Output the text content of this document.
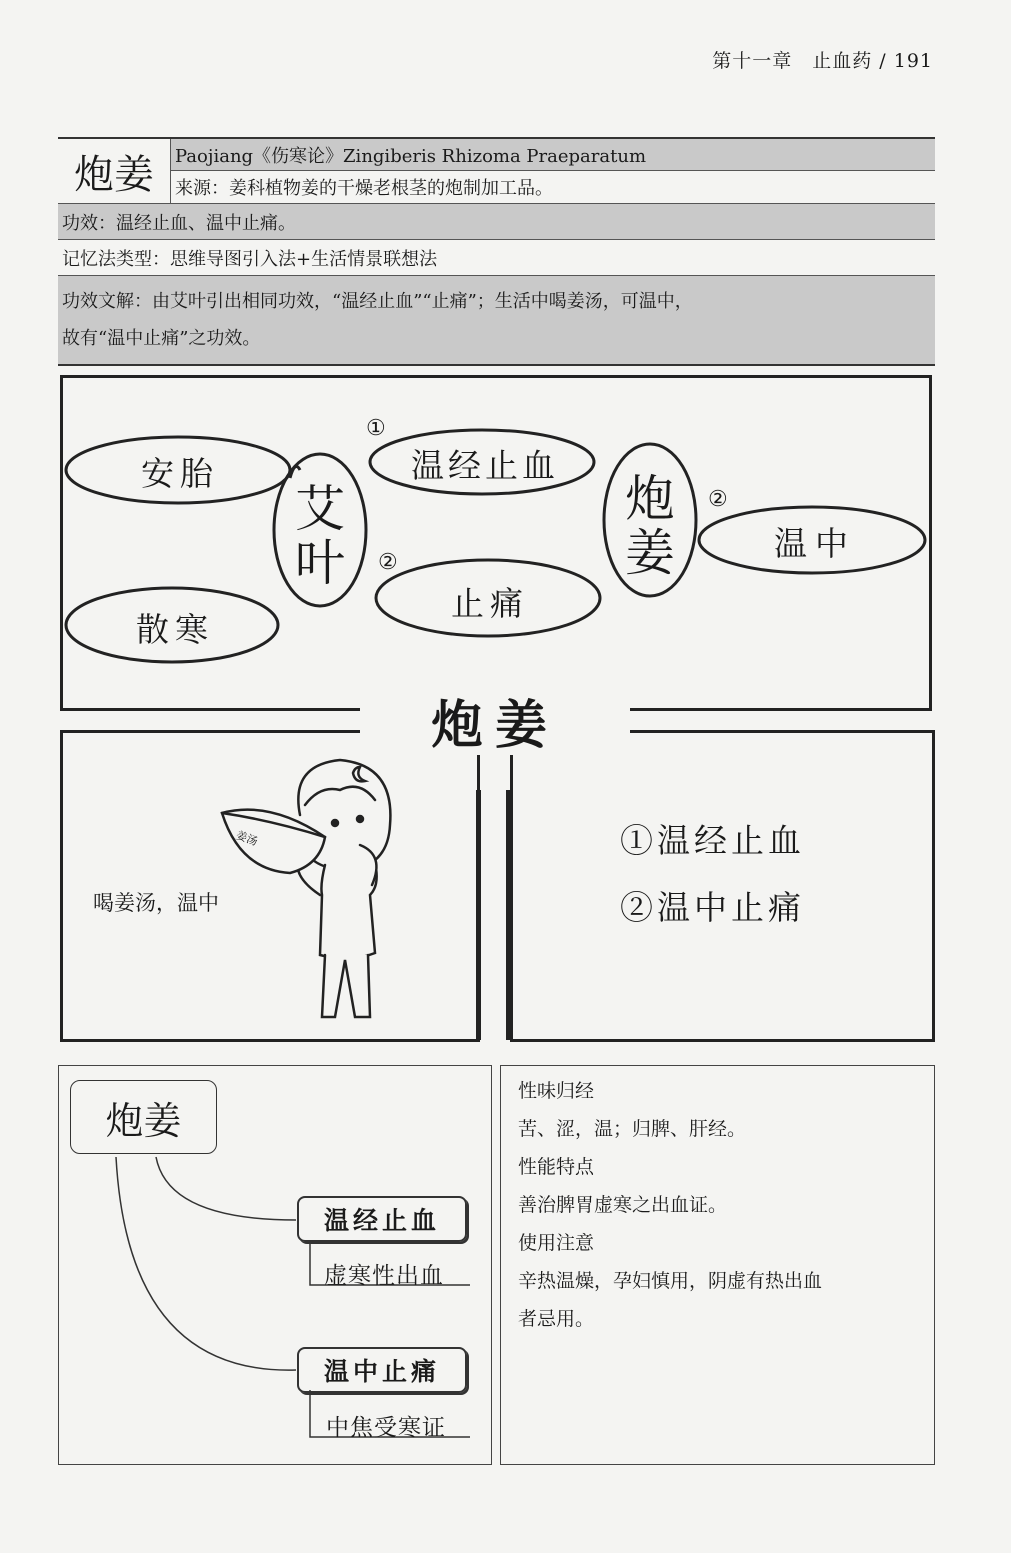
第十一章　止血药 / 191
炮姜	Paojiang《伤寒论》Zingiberis Rhizoma Praeparatum
来源：姜科植物姜的干燥老根茎的炮制加工品。
功效：温经止血、温中止痛。
记忆法类型：思维导图引入法+生活情景联想法
功效文解：由艾叶引出相同功效，“温经止血”“止痛”；生活中喝姜汤，可温中，
故有“温中止痛”之功效。
安胎
散寒
艾叶
温经止血
止痛
炮姜	温中
①
②
②
炮姜
姜汤
喝姜汤，温中
①温经止血
②温中止痛
炮姜
温经止血
虚寒性出血
温中止痛
中焦受寒证
性味归经
苦、涩，温；归脾、肝经。
性能特点
善治脾胃虚寒之出血证。
使用注意
辛热温燥，孕妇慎用，阴虚有热出血
者忌用。
